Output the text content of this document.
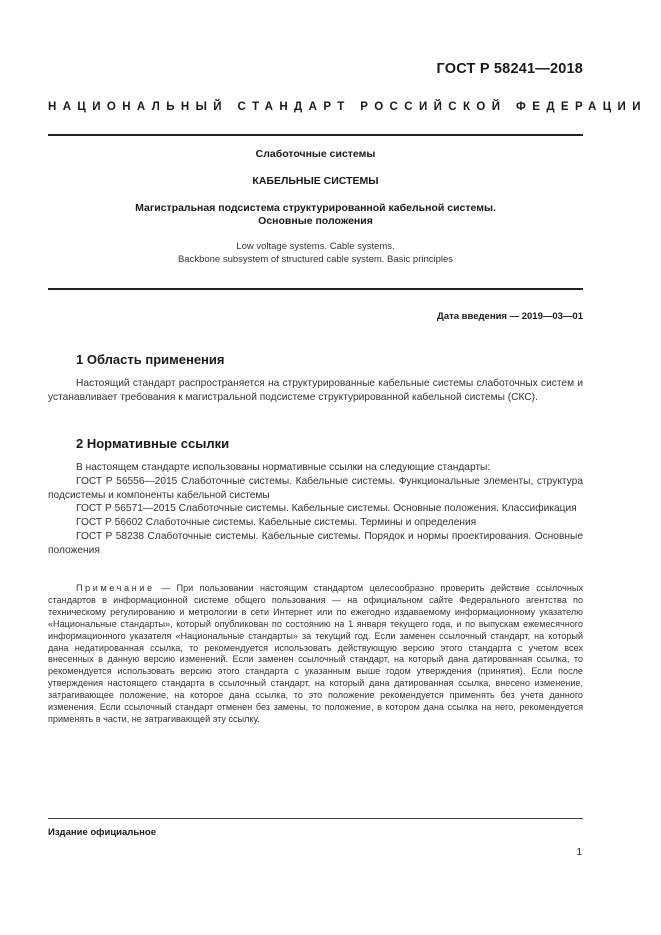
ГОСТ Р 58241—2018
НАЦИОНАЛЬНЫЙ СТАНДАРТ РОССИЙСКОЙ ФЕДЕРАЦИИ
Слаботочные системы
КАБЕЛЬНЫЕ СИСТЕМЫ
Магистральная подсистема структурированной кабельной системы.
Основные положения
Low voltage systems. Cable systems.
Backbone subsystem of structured cable system. Basic principles
Дата введения — 2019—03—01
1 Область применения
Настоящий стандарт распространяется на структурированные кабельные системы слаботочных систем и устанавливает требования к магистральной подсистеме структурированной кабельной системы (СКС).
2 Нормативные ссылки
В настоящем стандарте использованы нормативные ссылки на следующие стандарты:
ГОСТ Р 56556—2015 Слаботочные системы. Кабельные системы. Функциональные элементы, структура подсистемы и компоненты кабельной системы
ГОСТ Р 56571—2015 Слаботочные системы. Кабельные системы. Основные положения. Классификация
ГОСТ Р 56602 Слаботочные системы. Кабельные системы. Термины и определения
ГОСТ Р 58238 Слаботочные системы. Кабельные системы. Порядок и нормы проектирования. Основные положения
Примечание — При пользовании настоящим стандартом целесообразно проверить действие ссылочных стандартов в информационной системе общего пользования — на официальном сайте Федерального агентства по техническому регулированию и метрологии в сети Интернет или по ежегодно издаваемому информационному указателю «Национальные стандарты», который опубликован по состоянию на 1 января текущего года, и по выпускам ежемесячного информационного указателя «Национальные стандарты» за текущий год. Если заменен ссылочный стандарт, на который дана недатированная ссылка, то рекомендуется использовать действующую версию этого стандарта с учетом всех внесенных в данную версию изменений. Если заменен ссылочный стандарт, на который дана датированная ссылка, то рекомендуется использовать версию этого стандарта с указанным выше годом утверждения (принятия). Если после утверждения настоящего стандарта в ссылочный стандарт, на который дана датированная ссылка, внесено изменение, затрагивающее положение, на которое дана ссылка, то это положение рекомендуется применять без учета данного изменения. Если ссылочный стандарт отменен без замены, то положение, в котором дана ссылка на него, рекомендуется применять в части, не затрагивающей эту ссылку.
Издание официальное
1
